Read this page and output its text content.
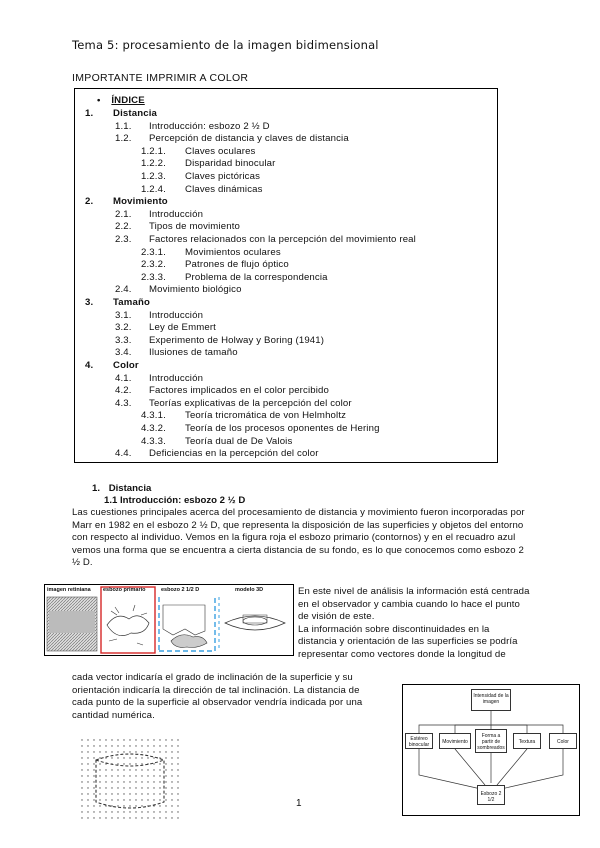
Tema 5: procesamiento de la imagen bidimensional
IMPORTANTE IMPRIMIR A COLOR
• ÍNDICE
1. Distancia
1.1. Introducción: esbozo 2 ½ D
1.2. Percepción de distancia y claves de distancia
1.2.1. Claves oculares
1.2.2. Disparidad binocular
1.2.3. Claves pictóricas
1.2.4. Claves dinámicas
2. Movimiento
2.1. Introducción
2.2. Tipos de movimiento
2.3. Factores relacionados con la percepción del movimiento real
2.3.1. Movimientos oculares
2.3.2. Patrones de flujo óptico
2.3.3. Problema de la correspondencia
2.4. Movimiento biológico
3. Tamaño
3.1. Introducción
3.2. Ley de Emmert
3.3. Experimento de Holway y Boring (1941)
3.4. Ilusiones de tamaño
4. Color
4.1. Introducción
4.2. Factores implicados en el color percibido
4.3. Teorías explicativas de la percepción del color
4.3.1. Teoría tricromática de von Helmholtz
4.3.2. Teoría de los procesos oponentes de Hering
4.3.3. Teoría dual de De Valois
4.4. Deficiencias en la percepción del color
1. Distancia
1.1 Introducción: esbozo 2 ½ D
Las cuestiones principales acerca del procesamiento de distancia y movimiento fueron incorporadas por Marr en 1982 en el esbozo 2 ½ D, que representa la disposición de las superficies y objetos del entorno con respecto al individuo. Vemos en la figura roja el esbozo primario (contornos) y en el recuadro azul vemos una forma que se encuentra a cierta distancia de su fondo, es lo que conocemos como esbozo 2 ½ D.
imagen retiniana esbozo primario	esbozo 2 1/2 D	modelo 3D	En este nivel de análisis la información está centrada en el observador y cambia cuando lo hace el punto de visión de este.
La información sobre discontinuidades en la distancia y orientación de las superficies se podría representar como vectores donde la longitud de
cada vector indicaría el grado de inclinación de la superficie y su orientación indicaría la dirección de tal inclinación. La distancia de cada punto de la superficie al observador vendría indicada por una cantidad numérica.
Intensidad de la imagen
Estéreo binocular	Movimiento
Forma a partir de sombreados
Textura	Color
Esbozo 2 1/2
1
